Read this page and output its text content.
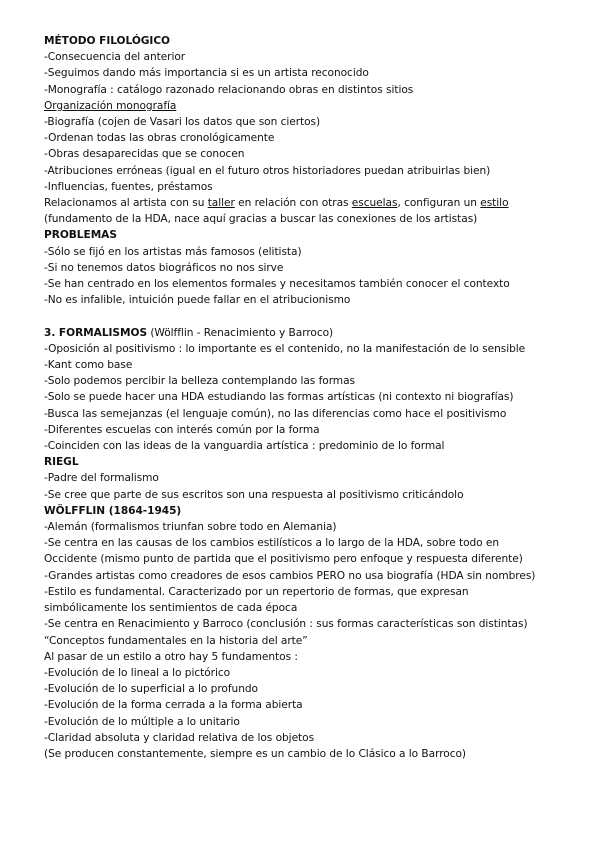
MÉTODO FILOLÓGICO
-Consecuencia del anterior
-Seguimos dando más importancia si es un artista reconocido
-Monografía : catálogo razonado relacionando obras en distintos sitios
Organización monografía
-Biografía (cojen de Vasari los datos que son ciertos)
-Ordenan todas las obras cronológicamente
-Obras desaparecidas que se conocen
-Atribuciones erróneas (igual en el futuro otros historiadores puedan atribuirlas bien)
-Influencias, fuentes, préstamos
Relacionamos al artista con su taller en relación con otras escuelas, configuran un estilo
(fundamento de la HDA, nace aquí gracias a buscar las conexiones de los artistas)
PROBLEMAS
-Sólo se fijó en los artistas más famosos (elitista)
-Si no tenemos datos biográficos no nos sirve
-Se han centrado en los elementos formales y necesitamos también conocer el contexto
-No es infalible, intuición puede fallar en el atribucionismo
3. FORMALISMOS (Wölfflin - Renacimiento y Barroco)
-Oposición al positivismo : lo importante es el contenido, no la manifestación de lo sensible
-Kant como base
-Solo podemos percibir la belleza contemplando las formas
-Solo se puede hacer una HDA estudiando las formas artísticas (ni contexto ni biografías)
-Busca las semejanzas (el lenguaje común), no las diferencias como hace el positivismo
-Diferentes escuelas con interés común por la forma
-Coinciden con las ideas de la vanguardia artística : predominio de lo formal
RIEGL
-Padre del formalismo
-Se cree que parte de sus escritos son una respuesta al positivismo criticándolo
WÖLFFLIN (1864-1945)
-Alemán (formalismos triunfan sobre todo en Alemania)
-Se centra en las causas de los cambios estilísticos a lo largo de la HDA, sobre todo en
Occidente (mismo punto de partida que el positivismo pero enfoque y respuesta diferente)
-Grandes artistas como creadores de esos cambios PERO no usa biografía (HDA sin nombres)
-Estilo es fundamental. Caracterizado por un repertorio de formas, que expresan
simbólicamente los sentimientos de cada época
-Se centra en Renacimiento y Barroco (conclusión : sus formas características son distintas)
“Conceptos fundamentales en la historia del arte”
Al pasar de un estilo a otro hay 5 fundamentos :
-Evolución de lo lineal a lo pictórico
-Evolución de lo superficial a lo profundo
-Evolución de la forma cerrada a la forma abierta
-Evolución de lo múltiple a lo unitario
-Claridad absoluta y claridad relativa de los objetos
(Se producen constantemente, siempre es un cambio de lo Clásico a lo Barroco)
